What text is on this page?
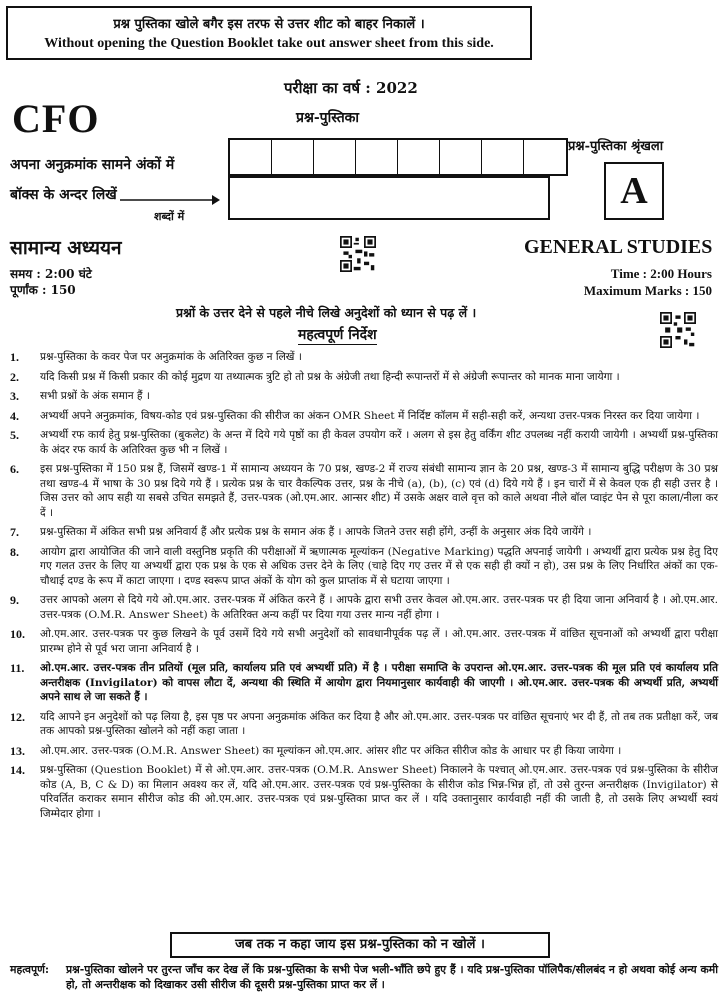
प्रश्न पुस्तिका खोले बगैर इस तरफ से उत्तर शीट को बाहर निकालें ।
Without opening the Question Booklet take out answer sheet from this side.
CFO
परीक्षा का वर्ष : 2022
प्रश्न-पुस्तिका
अपना अनुक्रमांक सामने अंकों में
बॉक्स के अन्दर लिखें
शब्दों में
प्रश्न-पुस्तिका श्रृंखला
A
सामान्य अध्ययन	GENERAL STUDIES
समय : 2:00 घंटे
पूर्णांक : 150
Time : 2:00 Hours
Maximum Marks : 150
प्रश्नों के उत्तर देने से पहले नीचे लिखे अनुदेशों को ध्यान से पढ़ लें ।
महत्वपूर्ण निर्देश
1.	प्रश्न-पुस्तिका के कवर पेज पर अनुक्रमांक के अतिरिक्त कुछ न लिखें ।
2.	यदि किसी प्रश्न में किसी प्रकार की कोई मुद्रण या तथ्यात्मक त्रुटि हो तो प्रश्न के अंग्रेजी तथा हिन्दी रूपान्तरों में से अंग्रेजी रूपान्तर को मानक माना जायेगा ।
3.	सभी प्रश्नों के अंक समान हैं ।
4.	अभ्यर्थी अपने अनुक्रमांक, विषय-कोड एवं प्रश्न-पुस्तिका की सीरीज का अंकन OMR Sheet में निर्दिष्ट कॉलम में सही-सही करें, अन्यथा उत्तर-पत्रक निरस्त कर दिया जायेगा ।
5.	अभ्यर्थी रफ कार्य हेतु प्रश्न-पुस्तिका (बुकलेट) के अन्त में दिये गये पृष्ठों का ही केवल उपयोग करें । अलग से इस हेतु वर्किंग शीट उपलब्ध नहीं करायी जायेगी । अभ्यर्थी प्रश्न-पुस्तिका के अंदर रफ कार्य के अतिरिक्त कुछ भी न लिखें ।
6.	इस प्रश्न-पुस्तिका में 150 प्रश्न हैं, जिसमें खण्ड-1 में सामान्य अध्ययन के 70 प्रश्न, खण्ड-2 में राज्य संबंधी सामान्य ज्ञान के 20 प्रश्न, खण्ड-3 में सामान्य बुद्धि परीक्षण के 30 प्रश्न तथा खण्ड-4 में भाषा के 30 प्रश्न दिये गये हैं । प्रत्येक प्रश्न के चार वैकल्पिक उत्तर, प्रश्न के नीचे (a), (b), (c) एवं (d) दिये गये हैं । इन चारों में से केवल एक ही सही उत्तर है । जिस उत्तर को आप सही या सबसे उचित समझते हैं, उत्तर-पत्रक (ओ.एम.आर. आन्सर शीट) में उसके अक्षर वाले वृत्त को काले अथवा नीले बॉल प्वाइंट पेन से पूरा काला/नीला कर दें ।
7.	प्रश्न-पुस्तिका में अंकित सभी प्रश्न अनिवार्य हैं और प्रत्येक प्रश्न के समान अंक हैं । आपके जितने उत्तर सही होंगे, उन्हीं के अनुसार अंक दिये जायेंगे ।
8.	आयोग द्वारा आयोजित की जाने वाली वस्तुनिष्ठ प्रकृति की परीक्षाओं में ऋणात्मक मूल्यांकन (Negative Marking) पद्धति अपनाई जायेगी । अभ्यर्थी द्वारा प्रत्येक प्रश्न हेतु दिए गए गलत उत्तर के लिए या अभ्यर्थी द्वारा एक प्रश्न के एक से अधिक उत्तर देने के लिए (चाहे दिए गए उत्तर में से एक सही ही क्यों न हो), उस प्रश्न के लिए निर्धारित अंकों का एक-चौथाई दण्ड के रूप में काटा जाएगा । दण्ड स्वरूप प्राप्त अंकों के योग को कुल प्राप्तांक में से घटाया जाएगा ।
9.	उत्तर आपको अलग से दिये गये ओ.एम.आर. उत्तर-पत्रक में अंकित करने हैं । आपके द्वारा सभी उत्तर केवल ओ.एम.आर. उत्तर-पत्रक पर ही दिया जाना अनिवार्य है । ओ.एम.आर. उत्तर-पत्रक (O.M.R. Answer Sheet) के अतिरिक्त अन्य कहीं पर दिया गया उत्तर मान्य नहीं होगा ।
10.	ओ.एम.आर. उत्तर-पत्रक पर कुछ लिखने के पूर्व उसमें दिये गये सभी अनुदेशों को सावधानीपूर्वक पढ़ लें । ओ.एम.आर. उत्तर-पत्रक में वांछित सूचनाओं को अभ्यर्थी द्वारा परीक्षा प्रारम्भ होने से पूर्व भरा जाना अनिवार्य है ।
11.	ओ.एम.आर. उत्तर-पत्रक तीन प्रतियों (मूल प्रति, कार्यालय प्रति एवं अभ्यर्थी प्रति) में है । परीक्षा समाप्ति के उपरान्त ओ.एम.आर. उत्तर-पत्रक की मूल प्रति एवं कार्यालय प्रति अन्तरीक्षक (Invigilator) को वापस लौटा दें, अन्यथा की स्थिति में आयोग द्वारा नियमानुसार कार्यवाही की जाएगी । ओ.एम.आर. उत्तर-पत्रक की अभ्यर्थी प्रति, अभ्यर्थी अपने साथ ले जा सकते हैं ।
12.	यदि आपने इन अनुदेशों को पढ़ लिया है, इस पृष्ठ पर अपना अनुक्रमांक अंकित कर दिया है और ओ.एम.आर. उत्तर-पत्रक पर वांछित सूचनाएं भर दी हैं, तो तब तक प्रतीक्षा करें, जब तक आपको प्रश्न-पुस्तिका खोलने को नहीं कहा जाता ।
13.	ओ.एम.आर. उत्तर-पत्रक (O.M.R. Answer Sheet) का मूल्यांकन ओ.एम.आर. आंसर शीट पर अंकित सीरीज कोड के आधार पर ही किया जायेगा ।
14.	प्रश्न-पुस्तिका (Question Booklet) में से ओ.एम.आर. उत्तर-पत्रक (O.M.R. Answer Sheet) निकालने के पश्चात् ओ.एम.आर. उत्तर-पत्रक एवं प्रश्न-पुस्तिका के सीरीज कोड (A, B, C & D) का मिलान अवश्य कर लें, यदि ओ.एम.आर. उत्तर-पत्रक एवं प्रश्न-पुस्तिका के सीरीज कोड भिन्न-भिन्न हों, तो उसे तुरन्त अन्तरीक्षक (Invigilator) से परिवर्तित कराकर समान सीरीज कोड की ओ.एम.आर. उत्तर-पत्रक एवं प्रश्न-पुस्तिका प्राप्त कर लें । यदि उक्तानुसार कार्यवाही नहीं की जाती है, तो उसके लिए अभ्यर्थी स्वयं जिम्मेदार होगा ।
जब तक न कहा जाय इस प्रश्न-पुस्तिका को न खोलें ।
महत्वपूर्ण:	प्रश्न-पुस्तिका खोलने पर तुरन्त जाँच कर देख लें कि प्रश्न-पुस्तिका के सभी पेज भली-भाँति छपे हुए हैं । यदि प्रश्न-पुस्तिका पॉलिपैक/सीलबंद न हो अथवा कोई अन्य कमी हो, तो अन्तरीक्षक को दिखाकर उसी सीरीज की दूसरी प्रश्न-पुस्तिका प्राप्त कर लें ।
